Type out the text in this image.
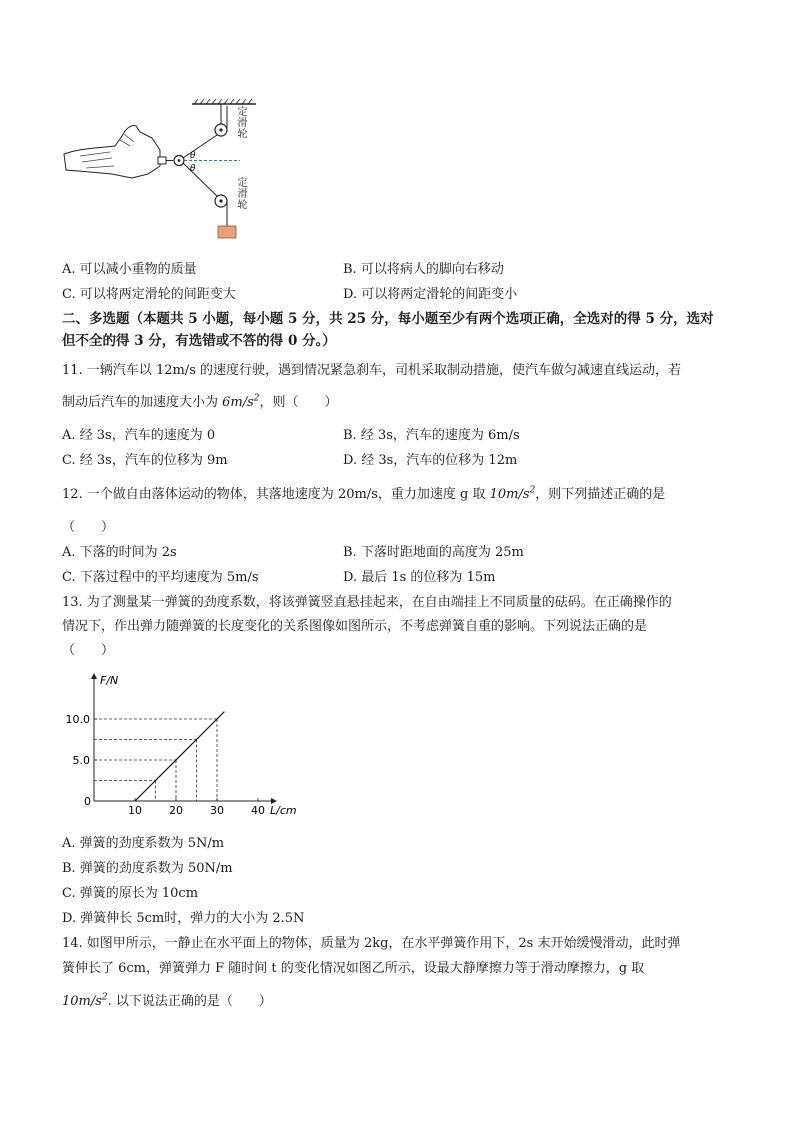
θ
θ
定滑轮
定滑轮
A. 可以减小重物的质量	B. 可以将病人的脚向右移动
C. 可以将两定滑轮的间距变大	D. 可以将两定滑轮的间距变小
二、多选题（本题共 5 小题，每小题 5 分，共 25 分，每小题至少有两个选项正确，全选对的得 5 分，选对但不全的得 3 分，有选错或不答的得 0 分。）
11. 一辆汽车以 12m/s 的速度行驶，遇到情况紧急刹车，司机采取制动措施，使汽车做匀减速直线运动，若
制动后汽车的加速度大小为 $6m/s^2$，则（　　）
A. 经 3s，汽车的速度为 0	B. 经 3s，汽车的速度为 6m/s
C. 经 3s，汽车的位移为 9m	D. 经 3s，汽车的位移为 12m
12. 一个做自由落体运动的物体，其落地速度为 20m/s，重力加速度 g 取 $10m/s^2$，则下列描述正确的是
（　　）
A. 下落的时间为 2s	B. 下落时距地面的高度为 25m
C. 下落过程中的平均速度为 5m/s	D. 最后 1s 的位移为 15m
13. 为了测量某一弹簧的劲度系数，将该弹簧竖直悬挂起来，在自由端挂上不同质量的砝码。在正确操作的
情况下，作出弹力随弹簧的长度变化的关系图像如图所示，不考虑弹簧自重的影响。下列说法正确的是
（　　）
F/N
L/cm
0
10 20 30 40
5.0
10.0
A. 弹簧的劲度系数为 5N/m
B. 弹簧的劲度系数为 50N/m
C. 弹簧的原长为 10cm
D. 弹簧伸长 5cm时，弹力的大小为 2.5N
14. 如图甲所示，一静止在水平面上的物体，质量为 2kg，在水平弹簧作用下，2s 末开始缓慢滑动，此时弹
簧伸长了 6cm，弹簧弹力 F 随时间 t 的变化情况如图乙所示，设最大静摩擦力等于滑动摩擦力，g 取
$10m/s^2$. 以下说法正确的是（　　）
